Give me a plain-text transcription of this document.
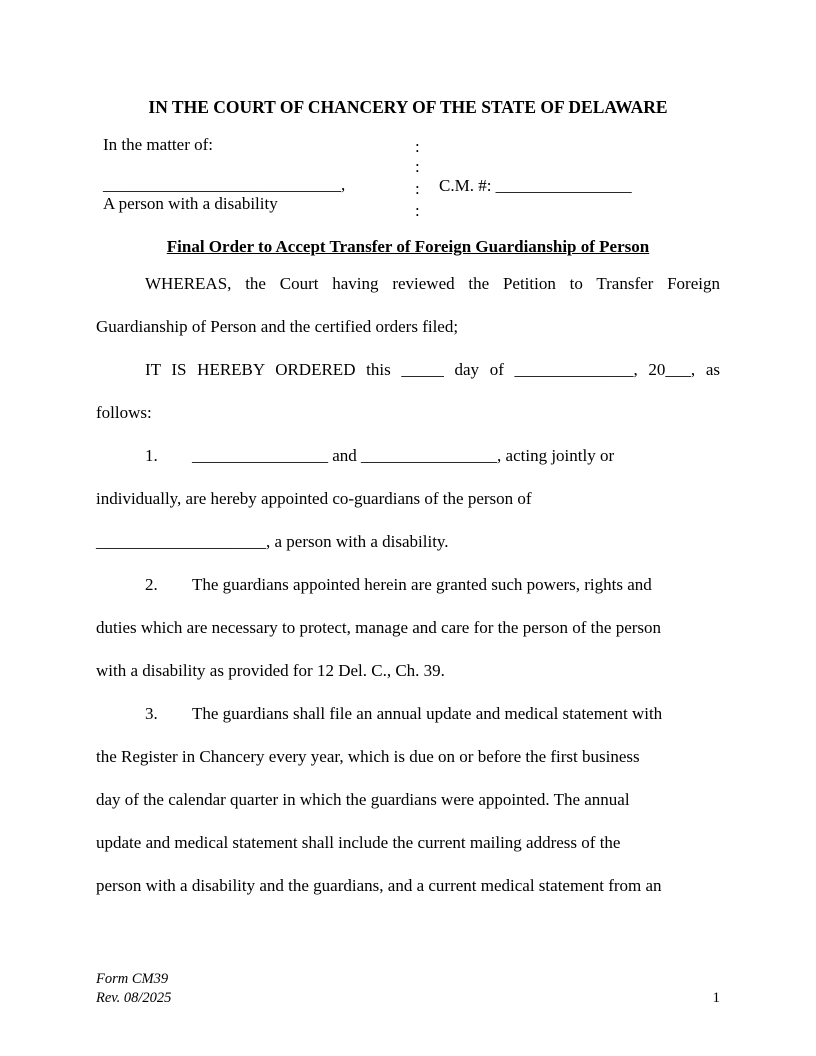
IN THE COURT OF CHANCERY OF THE STATE OF DELAWARE
In the matter of:
____________________________,
A person with a disability
:
:
:
:
C.M. #: ________________
Final Order to Accept Transfer of Foreign Guardianship of Person
WHEREAS, the Court having reviewed the Petition to Transfer Foreign
Guardianship of Person and the certified orders filed;
IT IS HEREBY ORDERED this _____ day of ______________, 20___, as
follows:
1. ________________ and ________________, acting jointly or
individually, are hereby appointed co-guardians of the person of
____________________, a person with a disability.
2. The guardians appointed herein are granted such powers, rights and
duties which are necessary to protect, manage and care for the person of the person
with a disability as provided for 12 Del. C., Ch. 39.
3. The guardians shall file an annual update and medical statement with
the Register in Chancery every year, which is due on or before the first business
day of the calendar quarter in which the guardians were appointed. The annual
update and medical statement shall include the current mailing address of the
person with a disability and the guardians, and a current medical statement from an
Form CM39
Rev. 08/2025	1
